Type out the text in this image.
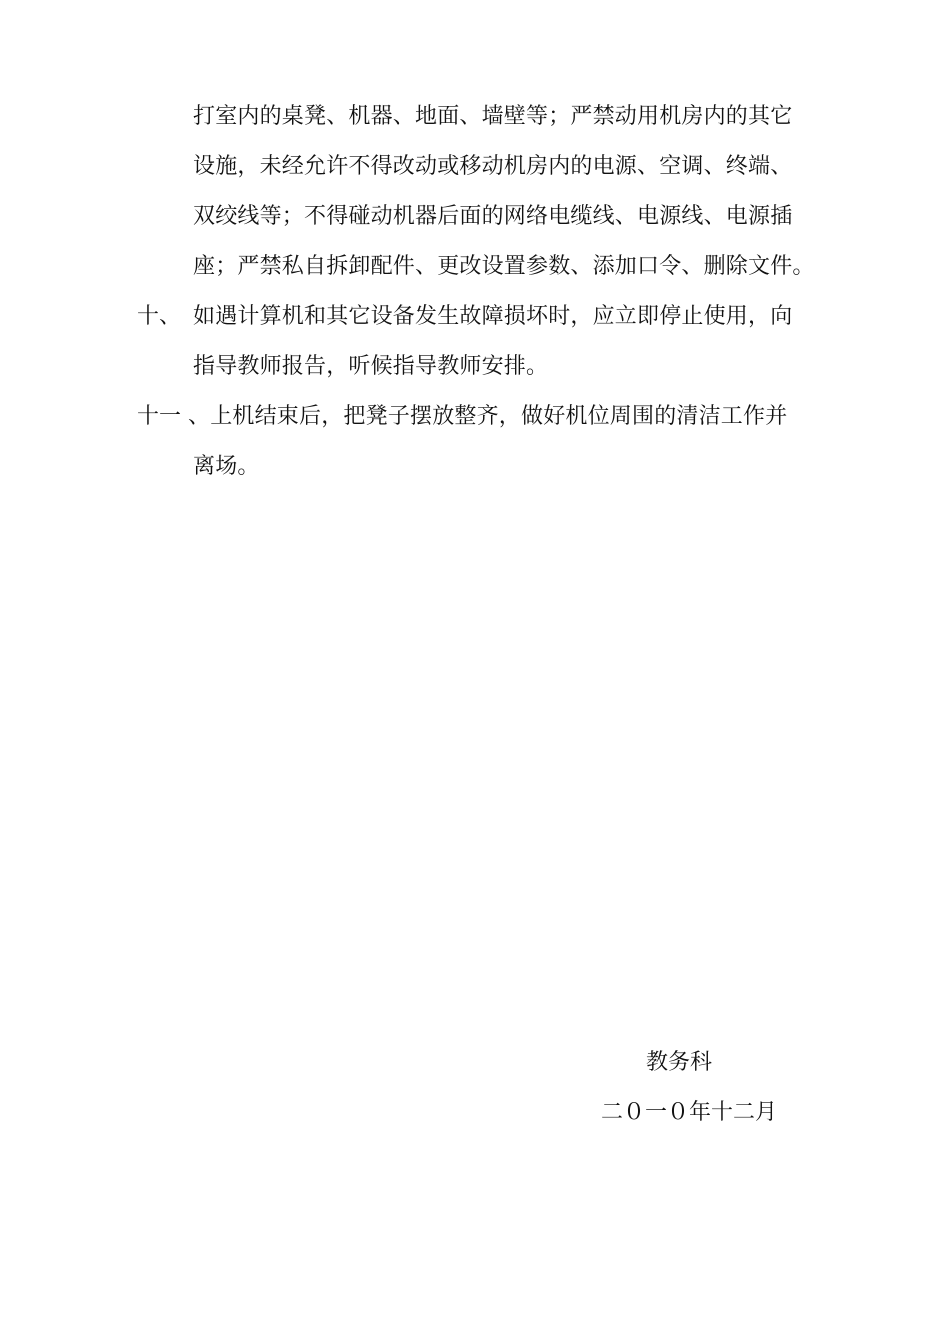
打室内的桌凳、机器、地面、墙壁等；严禁动用机房内的其它
设施，未经允许不得改动或移动机房内的电源、空调、终端、
双绞线等；不得碰动机器后面的网络电缆线、电源线、电源插
座；严禁私自拆卸配件、更改设置参数、添加口令、删除文件。
十、 如遇计算机和其它设备发生故障损坏时，应立即停止使用，向
指导教师报告，听候指导教师安排。
十一 、上机结束后，把凳子摆放整齐，做好机位周围的清洁工作并
离场。
教务科
二０一０年十二月
